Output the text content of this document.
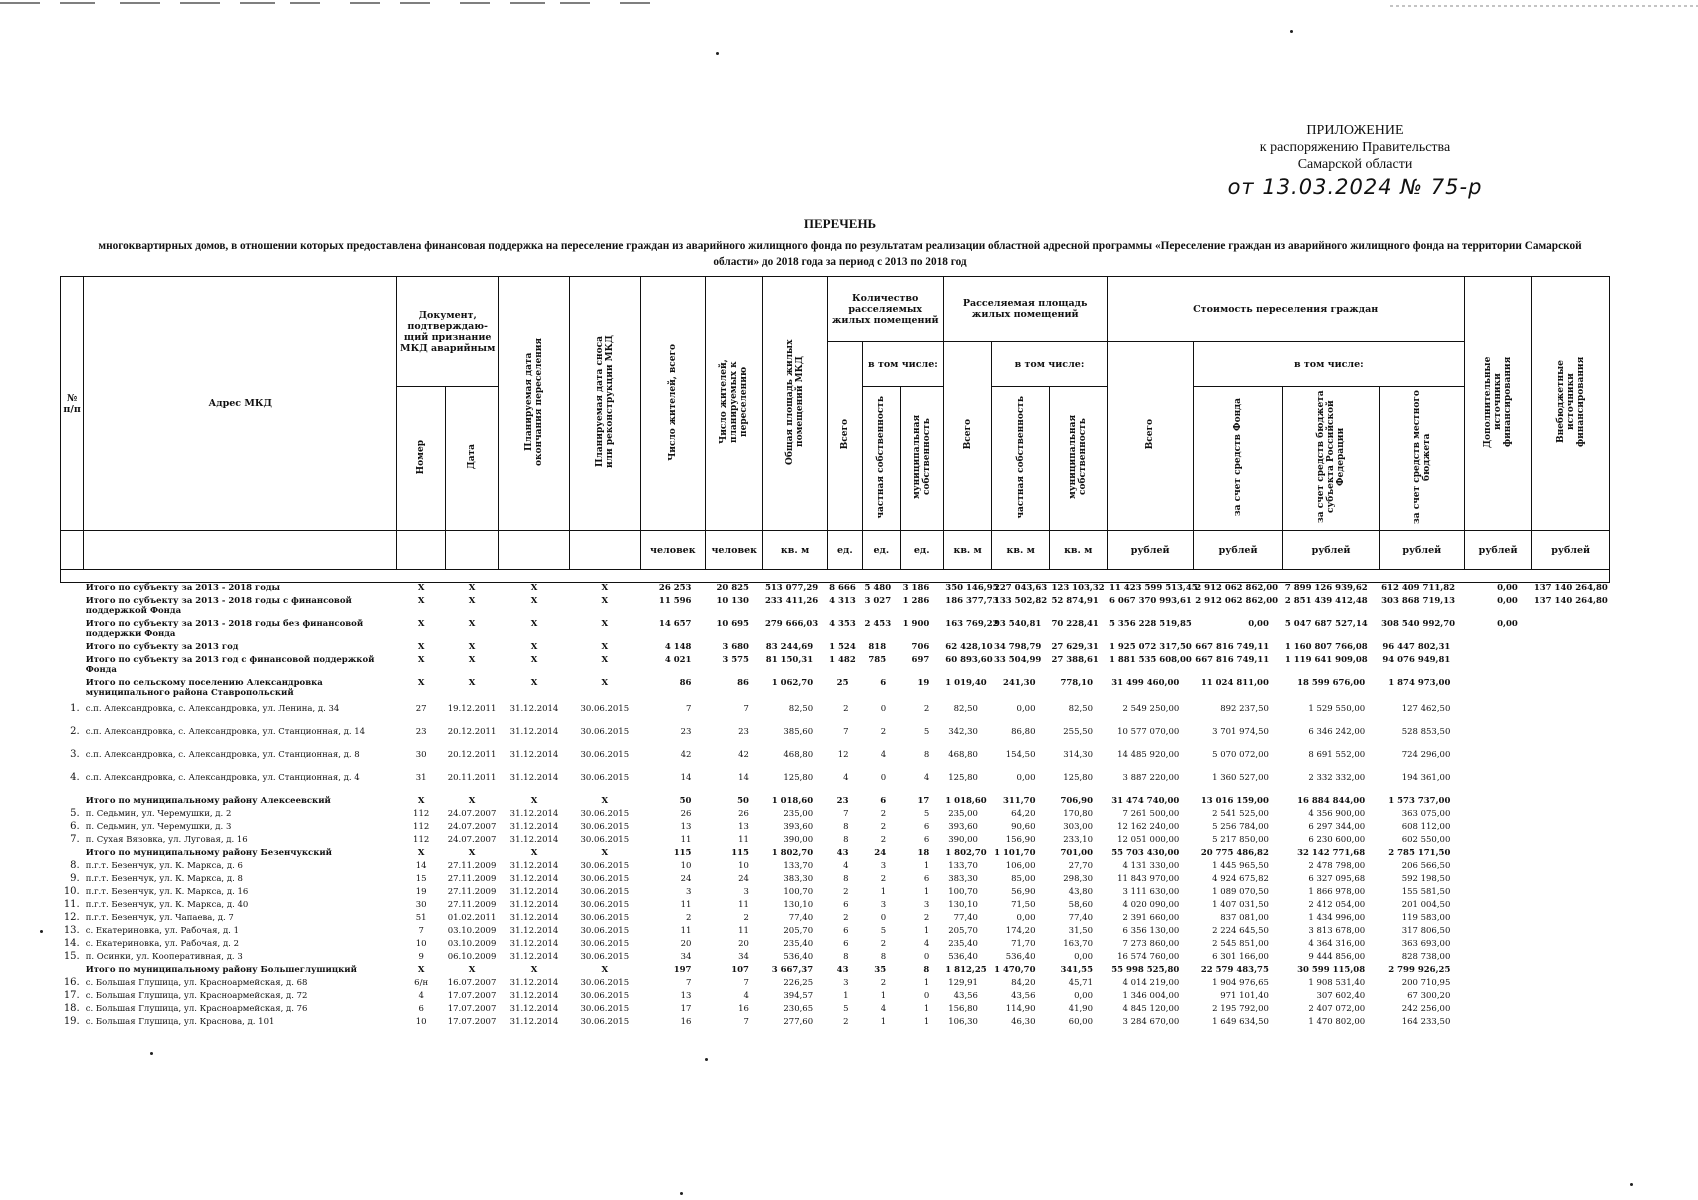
ПРИЛОЖЕНИЕ
к распоряжению Правительства
Самарской области
от 13.03.2024 № 75-р
ПЕРЕЧЕНЬ
многоквартирных домов, в отношении которых предоставлена финансовая поддержка на переселение граждан из аварийного жилищного фонда по результатам реализации областной адресной программы «Переселение граждан из аварийного жилищного фонда на территории Самарской области» до 2018 года за период с 2013 по 2018 год
№ п/п	Адрес МКД	Документ, подтверждаю-щий признание МКД аварийным		Планируемая дата окончания переселения	Планируемая дата сноса или реконструкции МКД	Число жителей, всего	Число жителей, планируемых к переселению	Общая площадь жилых помещений МКД	Количество расселяемых жилых помещений			Расселяемая площадь жилых помещений			Стоимость переселения граждан				Дополнительные источники финансирования	Внебюджетные источники финансирования
									Всего	в том числе:		Всего	в том числе:		Всего	в том числе:				
		Номер	Дата							частная собственность	муниципальная собственность		частная собственность	муниципальная собственность		за счет средств Фонда	за счет средств бюджета субъекта Российской Федерации	за счет средств местного бюджета		
						человек	человек	кв. м	ед.	ед.	ед.	кв. м	кв. м	кв. м	рублей	рублей	рублей	рублей	рублей	рублей

	Итого по субъекту за 2013 - 2018 годы	X	X	X	X	26 253	20 825	513 077,29	8 666	5 480	3 186	350 146,95	227 043,63	123 103,32	11 423 599 513,45	2 912 062 862,00	7 899 126 939,62	612 409 711,82	0,00	137 140 264,80
	Итого по субъекту за 2013 - 2018 годы с финансовой поддержкой Фонда	X	X	X	X	11 596	10 130	233 411,26	4 313	3 027	1 286	186 377,73	133 502,82	52 874,91	6 067 370 993,61	2 912 062 862,00	2 851 439 412,48	303 868 719,13	0,00	137 140 264,80
	Итого по субъекту за 2013 - 2018 годы без финансовой поддержки Фонда	X	X	X	X	14 657	10 695	279 666,03	4 353	2 453	1 900	163 769,22	93 540,81	70 228,41	5 356 228 519,85	0,00	5 047 687 527,14	308 540 992,70	0,00	
	Итого по субъекту за 2013 год	X	X	X	X	4 148	3 680	83 244,69	1 524	818	706	62 428,10	34 798,79	27 629,31	1 925 072 317,50	667 816 749,11	1 160 807 766,08	96 447 802,31		
	Итого по субъекту за 2013 год с финансовой поддержкой Фонда	X	X	X	X	4 021	3 575	81 150,31	1 482	785	697	60 893,60	33 504,99	27 388,61	1 881 535 608,00	667 816 749,11	1 119 641 909,08	94 076 949,81		
	Итого по сельскому поселению Александровка муниципального района Ставропольский	X	X	X	X	86	86	1 062,70	25	6	19	1 019,40	241,30	778,10	31 499 460,00	11 024 811,00	18 599 676,00	1 874 973,00		
1.	с.п. Александровка, с. Александровка, ул. Ленина, д. 34	27	19.12.2011	31.12.2014	30.06.2015	7	7	82,50	2	0	2	82,50	0,00	82,50	2 549 250,00	892 237,50	1 529 550,00	127 462,50		
2.	с.п. Александровка, с. Александровка, ул. Станционная, д. 14	23	20.12.2011	31.12.2014	30.06.2015	23	23	385,60	7	2	5	342,30	86,80	255,50	10 577 070,00	3 701 974,50	6 346 242,00	528 853,50		
3.	с.п. Александровка, с. Александровка, ул. Станционная, д. 8	30	20.12.2011	31.12.2014	30.06.2015	42	42	468,80	12	4	8	468,80	154,50	314,30	14 485 920,00	5 070 072,00	8 691 552,00	724 296,00		
4.	с.п. Александровка, с. Александровка, ул. Станционная, д. 4	31	20.11.2011	31.12.2014	30.06.2015	14	14	125,80	4	0	4	125,80	0,00	125,80	3 887 220,00	1 360 527,00	2 332 332,00	194 361,00		
	Итого по муниципальному району Алексеевский	X	X	X	X	50	50	1 018,60	23	6	17	1 018,60	311,70	706,90	31 474 740,00	13 016 159,00	16 884 844,00	1 573 737,00		
5.	п. Седьмин, ул. Черемушки, д. 2	112	24.07.2007	31.12.2014	30.06.2015	26	26	235,00	7	2	5	235,00	64,20	170,80	7 261 500,00	2 541 525,00	4 356 900,00	363 075,00		
6.	п. Седьмин, ул. Черемушки, д. 3	112	24.07.2007	31.12.2014	30.06.2015	13	13	393,60	8	2	6	393,60	90,60	303,00	12 162 240,00	5 256 784,00	6 297 344,00	608 112,00		
7.	п. Сухая Вязовка, ул. Луговая, д. 16	112	24.07.2007	31.12.2014	30.06.2015	11	11	390,00	8	2	6	390,00	156,90	233,10	12 051 000,00	5 217 850,00	6 230 600,00	602 550,00		
	Итого по муниципальному району Безенчукский	X	X	X	X	115	115	1 802,70	43	24	18	1 802,70	1 101,70	701,00	55 703 430,00	20 775 486,82	32 142 771,68	2 785 171,50		
8.	п.г.т. Безенчук, ул. К. Маркса, д. 6	14	27.11.2009	31.12.2014	30.06.2015	10	10	133,70	4	3	1	133,70	106,00	27,70	4 131 330,00	1 445 965,50	2 478 798,00	206 566,50		
9.	п.г.т. Безенчук, ул. К. Маркса, д. 8	15	27.11.2009	31.12.2014	30.06.2015	24	24	383,30	8	2	6	383,30	85,00	298,30	11 843 970,00	4 924 675,82	6 327 095,68	592 198,50		
10.	п.г.т. Безенчук, ул. К. Маркса, д. 16	19	27.11.2009	31.12.2014	30.06.2015	3	3	100,70	2	1	1	100,70	56,90	43,80	3 111 630,00	1 089 070,50	1 866 978,00	155 581,50		
11.	п.г.т. Безенчук, ул. К. Маркса, д. 40	30	27.11.2009	31.12.2014	30.06.2015	11	11	130,10	6	3	3	130,10	71,50	58,60	4 020 090,00	1 407 031,50	2 412 054,00	201 004,50		
12.	п.г.т. Безенчук, ул. Чапаева, д. 7	51	01.02.2011	31.12.2014	30.06.2015	2	2	77,40	2	0	2	77,40	0,00	77,40	2 391 660,00	837 081,00	1 434 996,00	119 583,00		
13.	с. Екатериновка, ул. Рабочая, д. 1	7	03.10.2009	31.12.2014	30.06.2015	11	11	205,70	6	5	1	205,70	174,20	31,50	6 356 130,00	2 224 645,50	3 813 678,00	317 806,50		
14.	с. Екатериновка, ул. Рабочая, д. 2	10	03.10.2009	31.12.2014	30.06.2015	20	20	235,40	6	2	4	235,40	71,70	163,70	7 273 860,00	2 545 851,00	4 364 316,00	363 693,00		
15.	п. Осинки, ул. Кооперативная, д. 3	9	06.10.2009	31.12.2014	30.06.2015	34	34	536,40	8	8	0	536,40	536,40	0,00	16 574 760,00	6 301 166,00	9 444 856,00	828 738,00		
	Итого по муниципальному району Большеглушицкий	X	X	X	X	197	107	3 667,37	43	35	8	1 812,25	1 470,70	341,55	55 998 525,80	22 579 483,75	30 599 115,08	2 799 926,25		
16.	с. Большая Глушица, ул. Красноармейская, д. 68	6/н	16.07.2007	31.12.2014	30.06.2015	7	7	226,25	3	2	1	129,91	84,20	45,71	4 014 219,00	1 904 976,65	1 908 531,40	200 710,95		
17.	с. Большая Глушица, ул. Красноармейская, д. 72	4	17.07.2007	31.12.2014	30.06.2015	13	4	394,57	1	1	0	43,56	43,56	0,00	1 346 004,00	971 101,40	307 602,40	67 300,20		
18.	с. Большая Глушица, ул. Красноармейская, д. 76	6	17.07.2007	31.12.2014	30.06.2015	17	16	230,65	5	4	1	156,80	114,90	41,90	4 845 120,00	2 195 792,00	2 407 072,00	242 256,00		
19.	с. Большая Глушица, ул. Краснова, д. 101	10	17.07.2007	31.12.2014	30.06.2015	16	7	277,60	2	1	1	106,30	46,30	60,00	3 284 670,00	1 649 634,50	1 470 802,00	164 233,50		
